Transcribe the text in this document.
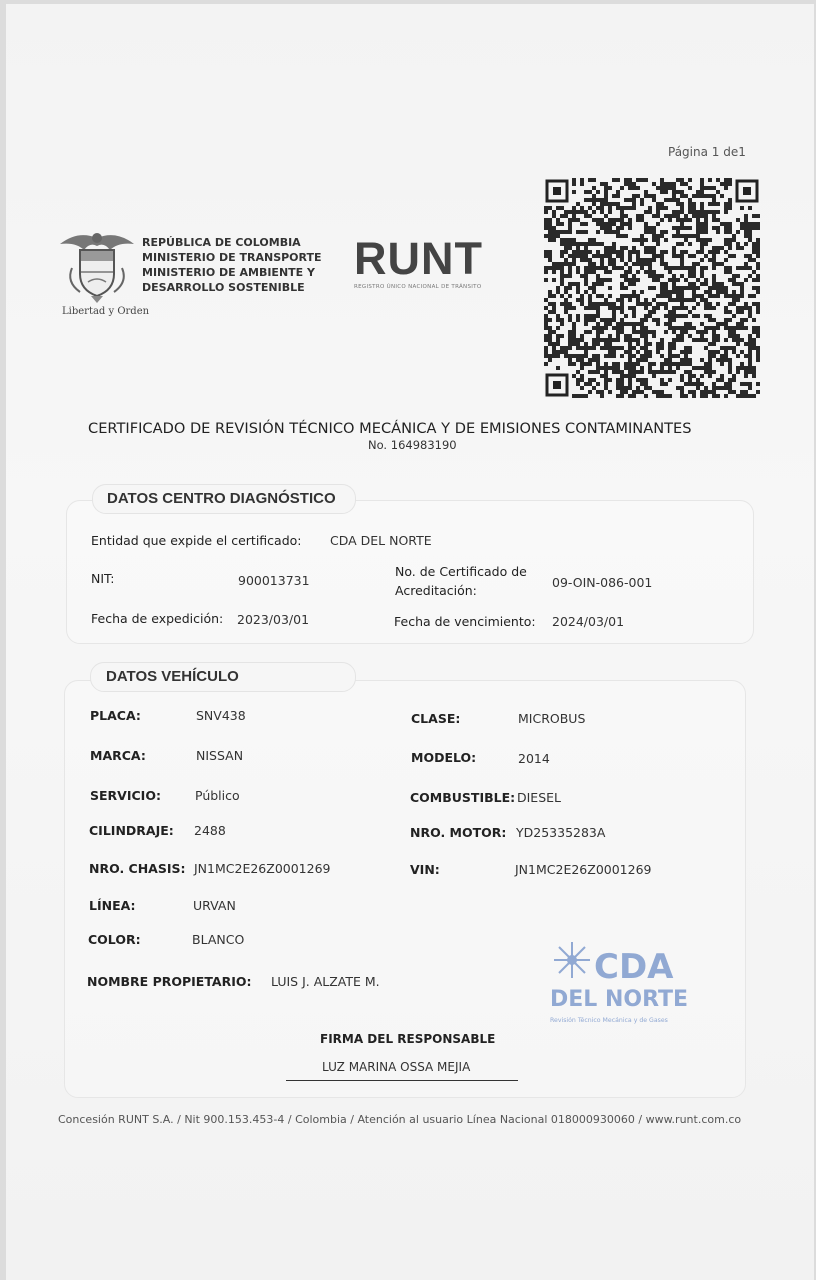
Página 1 de1
Libertad y Orden
REPÚBLICA DE COLOMBIA
MINISTERIO DE TRANSPORTE
MINISTERIO DE AMBIENTE Y
DESARROLLO SOSTENIBLE
RUNT
REGISTRO ÚNICO NACIONAL DE TRÁNSITO
CERTIFICADO DE REVISIÓN TÉCNICO MECÁNICA Y DE EMISIONES CONTAMINANTES
No. 164983190
DATOS CENTRO DIAGNÓSTICO
Entidad que expide el certificado: CDA DEL NORTE
NIT:	900013731
No. de Certificado de
Acreditación:
09-OIN-086-001
Fecha de expedición: 2023/03/01	Fecha de vencimiento: 2024/03/01
DATOS VEHÍCULO
PLACA:	SNV438	CLASE:	MICROBUS
MARCA:	NISSAN	MODELO:	2014
SERVICIO:	Público	COMBUSTIBLE: DIESEL
CILINDRAJE: 2488	NRO. MOTOR: YD25335283A
NRO. CHASIS: JN1MC2E26Z0001269	VIN:	JN1MC2E26Z0001269
LÍNEA:	URVAN
COLOR:	BLANCO
NOMBRE PROPIETARIO: LUIS J. ALZATE M.	CDA
DEL NORTE
Revisión Técnico Mecánica y de Gases
FIRMA DEL RESPONSABLE
LUZ MARINA OSSA MEJIA
Concesión RUNT S.A. / Nit 900.153.453-4 / Colombia / Atención al usuario Línea Nacional 018000930060 / www.runt.com.co
